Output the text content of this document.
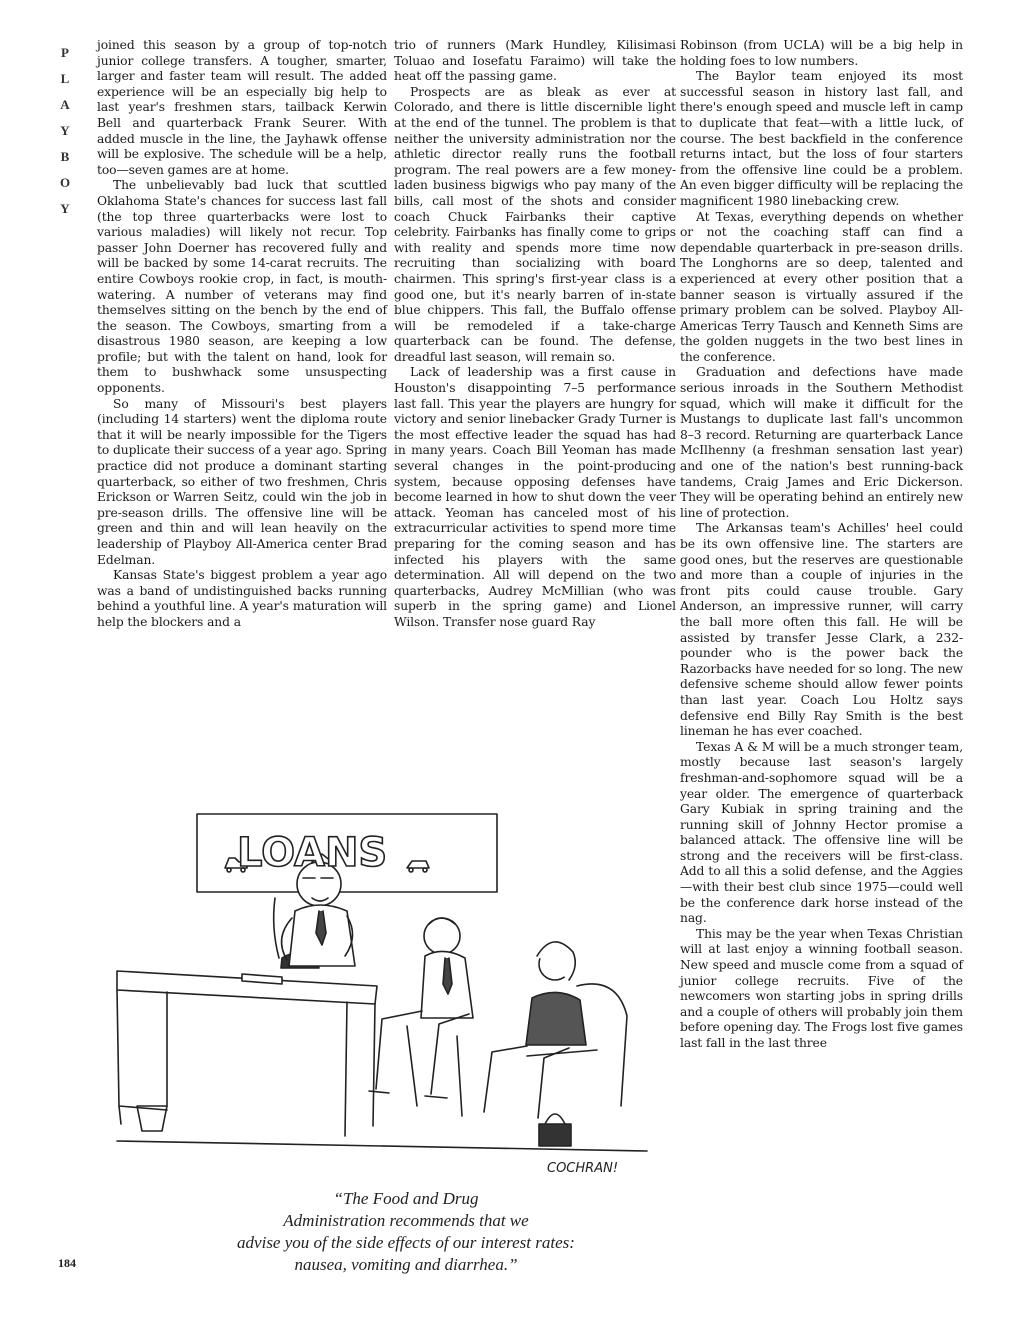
P
L
A
Y
B
O
Y

joined this season by a group of top-notch junior college transfers. A tougher, smarter, larger and faster team will result. The added experience will be an especially big help to last year's freshmen stars, tailback Kerwin Bell and quarterback Frank Seurer. With added muscle in the line, the Jayhawk offense will be explosive. The schedule will be a help, too—seven games are at home.

The unbelievably bad luck that scuttled Oklahoma State's chances for success last fall (the top three quarterbacks were lost to various maladies) will likely not recur. Top passer John Doerner has recovered fully and will be backed by some 14-carat recruits. The entire Cowboys rookie crop, in fact, is mouth-watering. A number of veterans may find themselves sitting on the bench by the end of the season. The Cowboys, smarting from a disastrous 1980 season, are keeping a low profile; but with the talent on hand, look for them to bushwhack some unsuspecting opponents.

So many of Missouri's best players (including 14 starters) went the diploma route that it will be nearly impossible for the Tigers to duplicate their success of a year ago. Spring practice did not produce a dominant starting quarterback, so either of two freshmen, Chris Erickson or Warren Seitz, could win the job in pre-season drills. The offensive line will be green and thin and will lean heavily on the leadership of Playboy All-America center Brad Edelman.

Kansas State's biggest problem a year ago was a band of undistinguished backs running behind a youthful line. A year's maturation will help the blockers and a

trio of runners (Mark Hundley, Kilisimasi Toluao and Iosefatu Faraimo) will take the heat off the passing game.

Prospects are as bleak as ever at Colorado, and there is little discernible light at the end of the tunnel. The problem is that neither the university administration nor the athletic director really runs the football program. The real powers are a few money-laden business bigwigs who pay many of the bills, call most of the shots and consider coach Chuck Fairbanks their captive celebrity. Fairbanks has finally come to grips with reality and spends more time now recruiting than socializing with board chairmen. This spring's first-year class is a good one, but it's nearly barren of in-state blue chippers. This fall, the Buffalo offense will be remodeled if a take-charge quarterback can be found. The defense, dreadful last season, will remain so.

Lack of leadership was a first cause in Houston's disappointing 7–5 performance last fall. This year the players are hungry for victory and senior linebacker Grady Turner is the most effective leader the squad has had in many years. Coach Bill Yeoman has made several changes in the point-producing system, because opposing defenses have become learned in how to shut down the veer attack. Yeoman has canceled most of his extracurricular activities to spend more time preparing for the coming season and has infected his players with the same determination. All will depend on the two quarterbacks, Audrey McMillian (who was superb in the spring game) and Lionel Wilson. Transfer nose guard Ray

Robinson (from UCLA) will be a big help in holding foes to low numbers.

The Baylor team enjoyed its most successful season in history last fall, and there's enough speed and muscle left in camp to duplicate that feat—with a little luck, of course. The best backfield in the conference returns intact, but the loss of four starters from the offensive line could be a problem. An even bigger difficulty will be replacing the magnificent 1980 linebacking crew.

At Texas, everything depends on whether or not the coaching staff can find a dependable quarterback in pre-season drills. The Longhorns are so deep, talented and experienced at every other position that a banner season is virtually assured if the primary problem can be solved. Playboy All-Americas Terry Tausch and Kenneth Sims are the golden nuggets in the two best lines in the conference.

Graduation and defections have made serious inroads in the Southern Methodist squad, which will make it difficult for the Mustangs to duplicate last fall's uncommon 8–3 record. Returning are quarterback Lance McIlhenny (a freshman sensation last year) and one of the nation's best running-back tandems, Craig James and Eric Dickerson. They will be operating behind an entirely new line of protection.

The Arkansas team's Achilles' heel could be its own offensive line. The starters are good ones, but the reserves are questionable and more than a couple of injuries in the front pits could cause trouble. Gary Anderson, an impressive runner, will carry the ball more often this fall. He will be assisted by transfer Jesse Clark, a 232-pounder who is the power back the Razorbacks have needed for so long. The new defensive scheme should allow fewer points than last year. Coach Lou Holtz says defensive end Billy Ray Smith is the best lineman he has ever coached.

Texas A & M will be a much stronger team, mostly because last season's largely freshman-and-sophomore squad will be a year older. The emergence of quarterback Gary Kubiak in spring training and the running skill of Johnny Hector promise a balanced attack. The offensive line will be strong and the receivers will be first-class. Add to all this a solid defense, and the Aggies—with their best club since 1975—could well be the conference dark horse instead of the nag.

This may be the year when Texas Christian will at last enjoy a winning football season. New speed and muscle come from a squad of junior college recruits. Five of the newcomers won starting jobs in spring drills and a couple of others will probably join them before opening day. The Frogs lost five games last fall in the last three

LOANS
COCHRAN!
“The Food and Drug
Administration recommends that we
advise you of the side effects of our interest rates:
nausea, vomiting and diarrhea.”
184
